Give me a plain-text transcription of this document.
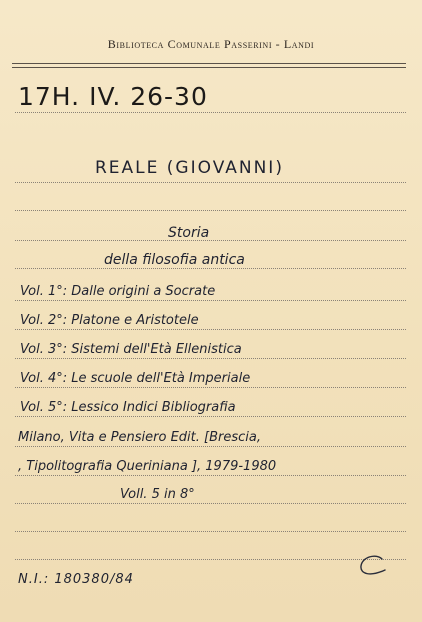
Biblioteca Comunale Passerini - Landi
17H. IV. 26-30
REALE (GIOVANNI)
Storia
della filosofia antica
Vol. 1°: Dalle origini a Socrate
Vol. 2°: Platone e Aristotele
Vol. 3°: Sistemi dell'Età Ellenistica
Vol. 4°: Le scuole dell'Età Imperiale
Vol. 5°: Lessico Indici Bibliografia
Milano, Vita e Pensiero Edit. [Brescia,
, Tipolitografia Queriniana ], 1979-1980
Voll. 5 in 8°
N.I.: 180380/84
